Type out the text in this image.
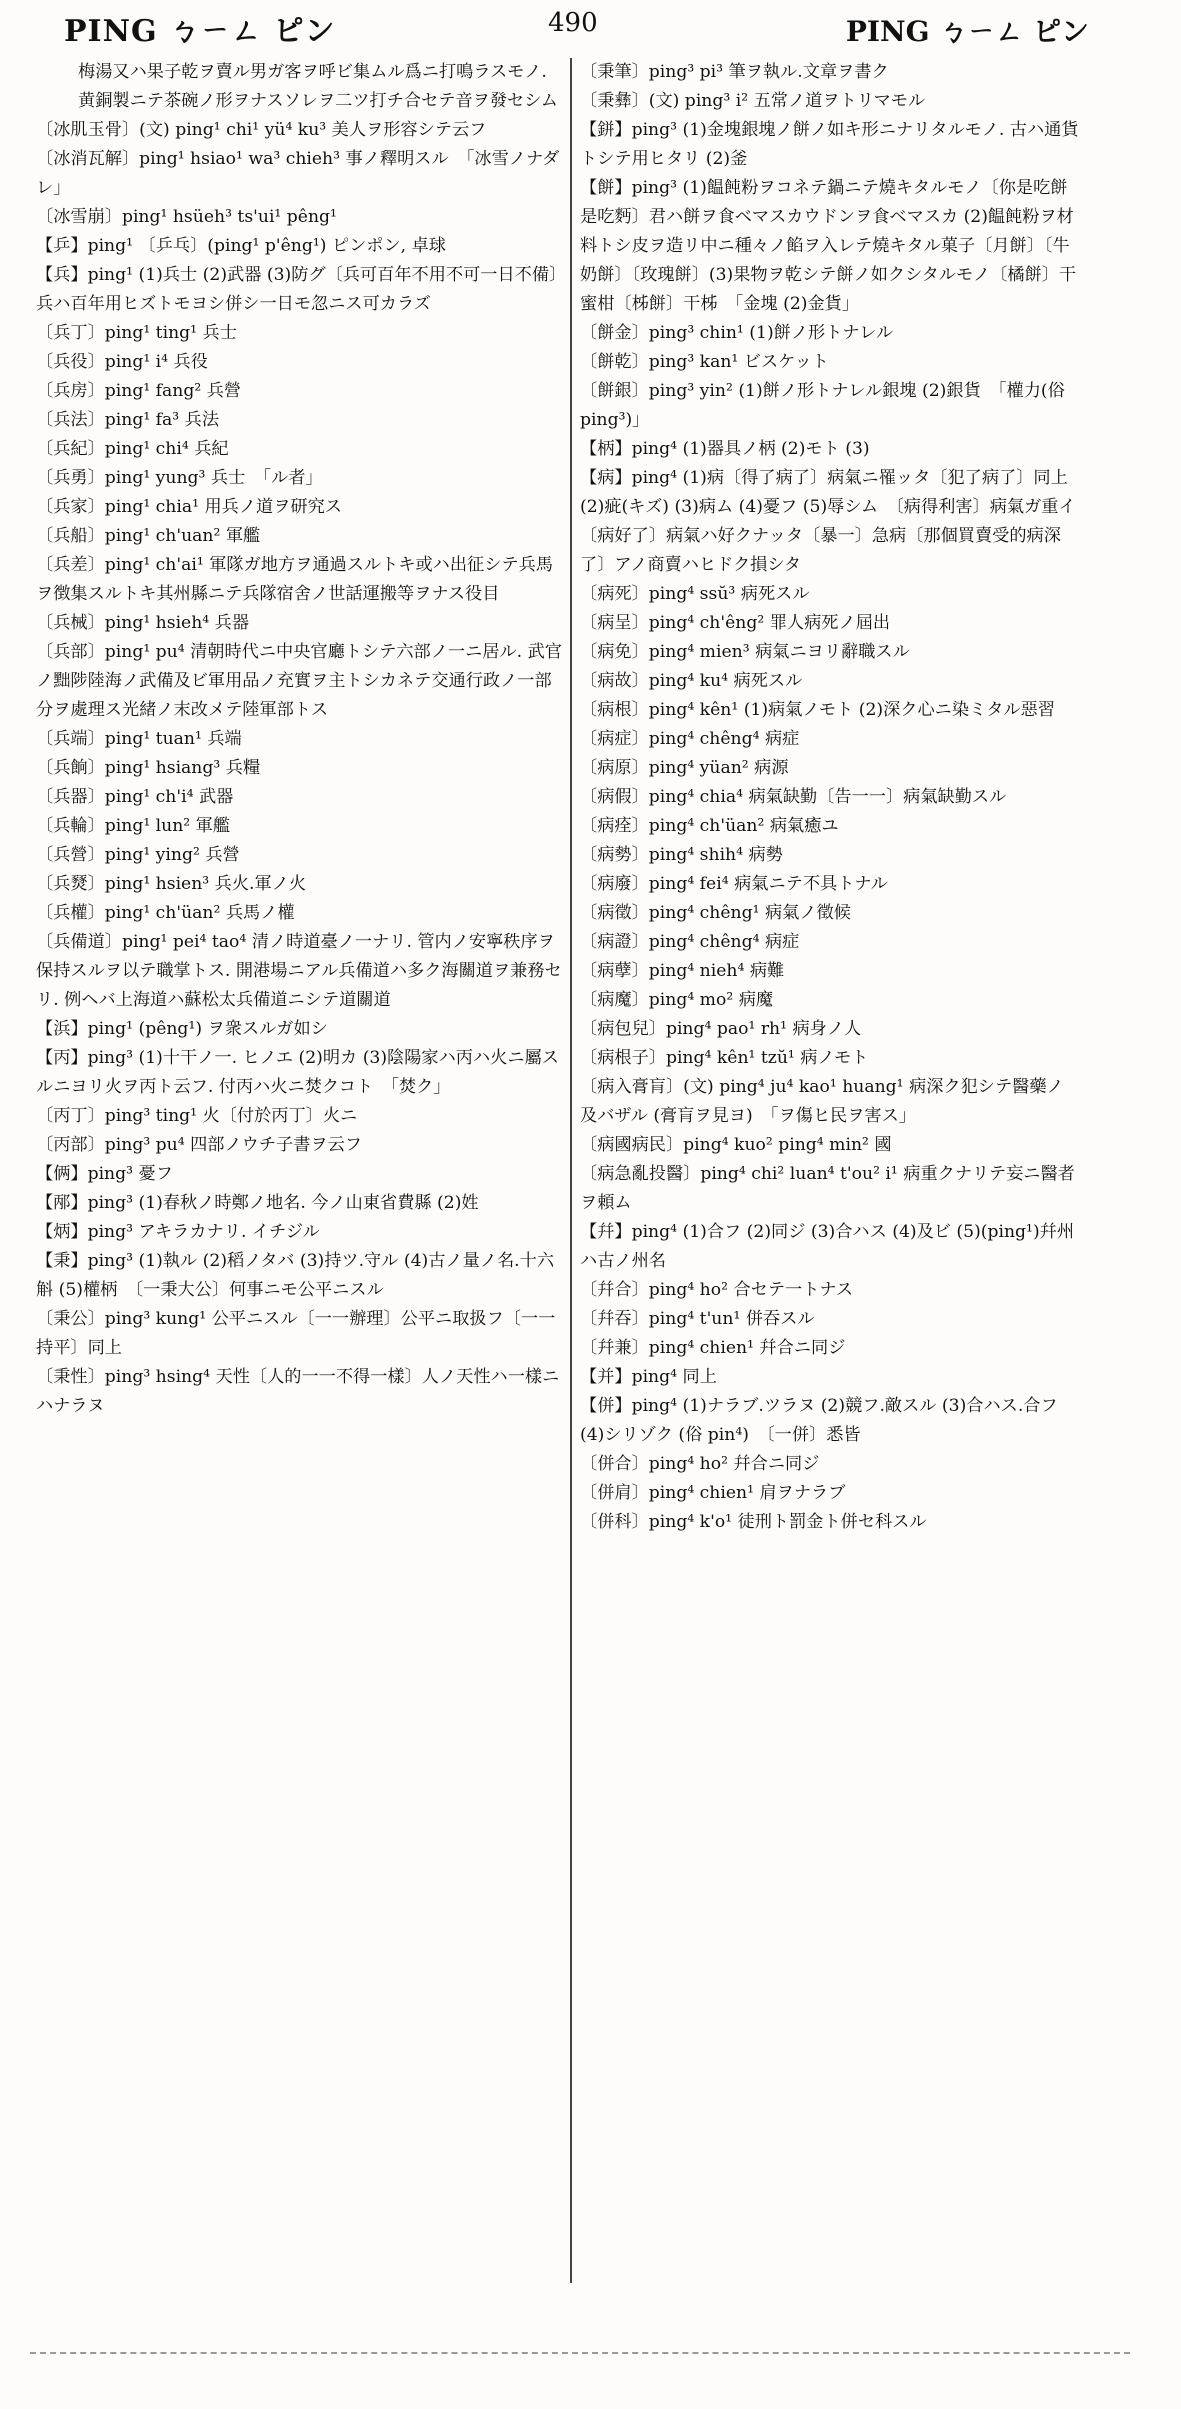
PING ㄅㄧㄥ ピン	490	PING ㄅㄧㄥ ピン

梅湯又ハ果子乾ヲ賣ル男ガ客ヲ呼ビ集ムル爲ニ打鳴ラスモノ. 黄銅製ニテ茶碗ノ形ヲナスソレヲ二ツ打チ合セテ音ヲ發セシム

〔冰肌玉骨〕(文) ping¹ chi¹ yü⁴ ku³ 美人ヲ形容シテ云フ

〔冰消瓦解〕ping¹ hsiao¹ wa³ chieh³ 事ノ釋明スル　「冰雪ノナダレ」

〔冰雪崩〕ping¹ hsüeh³ ts'ui¹ pêng¹

【乒】ping¹ 〔乒乓〕(ping¹ p'êng¹) ピンポン, 卓球

【兵】ping¹ (1)兵士 (2)武器 (3)防グ〔兵可百年不用不可一日不備〕兵ハ百年用ヒズトモヨシ併シ一日モ忽ニス可カラズ

〔兵丁〕ping¹ ting¹ 兵士

〔兵役〕ping¹ i⁴ 兵役

〔兵房〕ping¹ fang² 兵營

〔兵法〕ping¹ fa³ 兵法

〔兵紀〕ping¹ chi⁴ 兵紀

〔兵勇〕ping¹ yung³ 兵士　「ル者」

〔兵家〕ping¹ chia¹ 用兵ノ道ヲ研究ス

〔兵船〕ping¹ ch'uan² 軍艦

〔兵差〕ping¹ ch'ai¹ 軍隊ガ地方ヲ通過スルトキ或ハ出征シテ兵馬ヲ徴集スルトキ其州縣ニテ兵隊宿舍ノ世話運搬等ヲナス役目

〔兵械〕ping¹ hsieh⁴ 兵器

〔兵部〕ping¹ pu⁴ 清朝時代ニ中央官廳トシテ六部ノ一ニ居ル. 武官ノ黜陟陸海ノ武備及ビ軍用品ノ充實ヲ主トシカネテ交通行政ノ一部分ヲ處理ス光緒ノ末改メテ陸軍部トス

〔兵端〕ping¹ tuan¹ 兵端

〔兵餉〕ping¹ hsiang³ 兵糧

〔兵器〕ping¹ ch'i⁴ 武器

〔兵輪〕ping¹ lun² 軍艦

〔兵營〕ping¹ ying² 兵營

〔兵燹〕ping¹ hsien³ 兵火.軍ノ火

〔兵權〕ping¹ ch'üan² 兵馬ノ權

〔兵備道〕ping¹ pei⁴ tao⁴ 清ノ時道臺ノ一ナリ. 管内ノ安寧秩序ヲ保持スルヲ以テ職掌トス. 開港場ニアル兵備道ハ多ク海關道ヲ兼務セリ. 例ヘバ上海道ハ蘇松太兵備道ニシテ道關道

【浜】ping¹ (pêng¹) ヲ衆スルガ如シ

【丙】ping³ (1)十干ノ一. ヒノエ (2)明カ (3)陰陽家ハ丙ハ火ニ屬スルニヨリ火ヲ丙ト云フ. 付丙ハ火ニ焚クコト　「焚ク」

〔丙丁〕ping³ ting¹ 火〔付於丙丁〕火ニ

〔丙部〕ping³ pu⁴ 四部ノウチ子書ヲ云フ

【俩】ping³ 憂フ

【邴】ping³ (1)春秋ノ時鄭ノ地名. 今ノ山東省費縣 (2)姓

【炳】ping³ アキラカナリ. イチジル

【秉】ping³ (1)執ル (2)稻ノタバ (3)持ツ.守ル (4)古ノ量ノ名.十六斛 (5)權柄　〔一秉大公〕何事ニモ公平ニスル

〔秉公〕ping³ kung¹ 公平ニスル〔一一辦理〕公平ニ取扱フ〔一一持平〕同上

〔秉性〕ping³ hsing⁴ 天性〔人的一一不得一樣〕人ノ天性ハ一樣ニハナラヌ

〔秉筆〕ping³ pi³ 筆ヲ執ル.文章ヲ書ク

〔秉彝〕(文) ping³ i² 五常ノ道ヲトリマモル

【鉼】ping³ (1)金塊銀塊ノ餅ノ如キ形ニナリタルモノ. 古ハ通貨トシテ用ヒタリ (2)釜

【餅】ping³ (1)饂飩粉ヲコネテ鍋ニテ燒キタルモノ〔你是吃餅是吃麪〕君ハ餅ヲ食ベマスカウドンヲ食ベマスカ (2)饂飩粉ヲ材料トシ皮ヲ造リ中ニ種々ノ餡ヲ入レテ燒キタル菓子〔月餅〕〔牛奶餅〕〔玫瑰餅〕(3)果物ヲ乾シテ餅ノ如クシタルモノ〔橘餅〕干蜜柑〔柹餅〕干柹　「金塊 (2)金貨」

〔餅金〕ping³ chin¹ (1)餅ノ形トナレル

〔餅乾〕ping³ kan¹ ビスケット

〔餅銀〕ping³ yin² (1)餅ノ形トナレル銀塊 (2)銀貨　「權力(俗 ping³)」

【柄】ping⁴ (1)器具ノ柄 (2)モト (3)

【病】ping⁴ (1)病〔得了病了〕病氣ニ罹ッタ〔犯了病了〕同上 (2)疵(キズ) (3)病ム (4)憂フ (5)辱シム　〔病得利害〕病氣ガ重イ〔病好了〕病氣ハ好クナッタ〔暴一〕急病〔那個買賣受的病深了〕アノ商賣ハヒドク損シタ

〔病死〕ping⁴ ssŭ³ 病死スル

〔病呈〕ping⁴ ch'êng² 罪人病死ノ屆出

〔病免〕ping⁴ mien³ 病氣ニヨリ辭職スル

〔病故〕ping⁴ ku⁴ 病死スル

〔病根〕ping⁴ kên¹ (1)病氣ノモト (2)深ク心ニ染ミタル惡習

〔病症〕ping⁴ chêng⁴ 病症

〔病原〕ping⁴ yüan² 病源

〔病假〕ping⁴ chia⁴ 病氣缺勤〔告一一〕病氣缺勤スル

〔病痊〕ping⁴ ch'üan² 病氣癒ユ

〔病勢〕ping⁴ shih⁴ 病勢

〔病廢〕ping⁴ fei⁴ 病氣ニテ不具トナル

〔病徵〕ping⁴ chêng¹ 病氣ノ徵候

〔病證〕ping⁴ chêng⁴ 病症

〔病孽〕ping⁴ nieh⁴ 病難

〔病魔〕ping⁴ mo² 病魔

〔病包兒〕ping⁴ pao¹ rh¹ 病身ノ人

〔病根子〕ping⁴ kên¹ tzŭ¹ 病ノモト

〔病入膏肓〕(文) ping⁴ ju⁴ kao¹ huang¹ 病深ク犯シテ醫藥ノ及バザル (膏肓ヲ見ヨ)　「ヲ傷ヒ民ヲ害ス」

〔病國病民〕ping⁴ kuo² ping⁴ min² 國

〔病急亂投醫〕ping⁴ chi² luan⁴ t'ou² i¹ 病重クナリテ妄ニ醫者ヲ頼ム

【幷】ping⁴ (1)合フ (2)同ジ (3)合ハス (4)及ビ (5)(ping¹)幷州ハ古ノ州名

〔幷合〕ping⁴ ho² 合セテ一トナス

〔幷吞〕ping⁴ t'un¹ 併吞スル

〔幷兼〕ping⁴ chien¹ 幷合ニ同ジ

【并】ping⁴ 同上

【併】ping⁴ (1)ナラブ.ツラヌ (2)競フ.敵スル (3)合ハス.合フ (4)シリゾク (俗 pin⁴)　〔一併〕悉皆

〔併合〕ping⁴ ho² 幷合ニ同ジ

〔併肩〕ping⁴ chien¹ 肩ヲナラブ

〔併科〕ping⁴ k'o¹ 徒刑ト罰金ト併セ科スル
